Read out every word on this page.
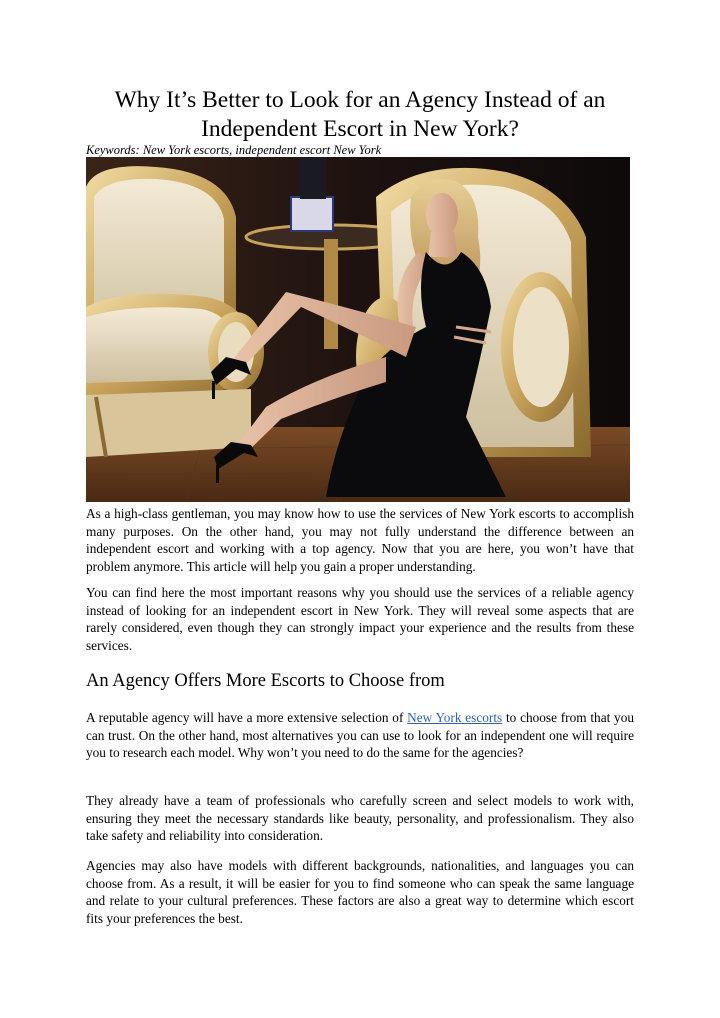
Why It’s Better to Look for an Agency Instead of an Independent Escort in New York?
Keywords: New York escorts, independent escort New York

As a high-class gentleman, you may know how to use the services of New York escorts to accomplish many purposes. On the other hand, you may not fully understand the difference between an independent escort and working with a top agency. Now that you are here, you won’t have that problem anymore. This article will help you gain a proper understanding.

You can find here the most important reasons why you should use the services of a reliable agency instead of looking for an independent escort in New York. They will reveal some aspects that are rarely considered, even though they can strongly impact your experience and the results from these services.

An Agency Offers More Escorts to Choose from

A reputable agency will have a more extensive selection of New York escorts to choose from that you can trust. On the other hand, most alternatives you can use to look for an independent one will require you to research each model. Why won’t you need to do the same for the agencies?

They already have a team of professionals who carefully screen and select models to work with, ensuring they meet the necessary standards like beauty, personality, and professionalism. They also take safety and reliability into consideration.

Agencies may also have models with different backgrounds, nationalities, and languages you can choose from. As a result, it will be easier for you to find someone who can speak the same language and relate to your cultural preferences. These factors are also a great way to determine which escort fits your preferences the best.
